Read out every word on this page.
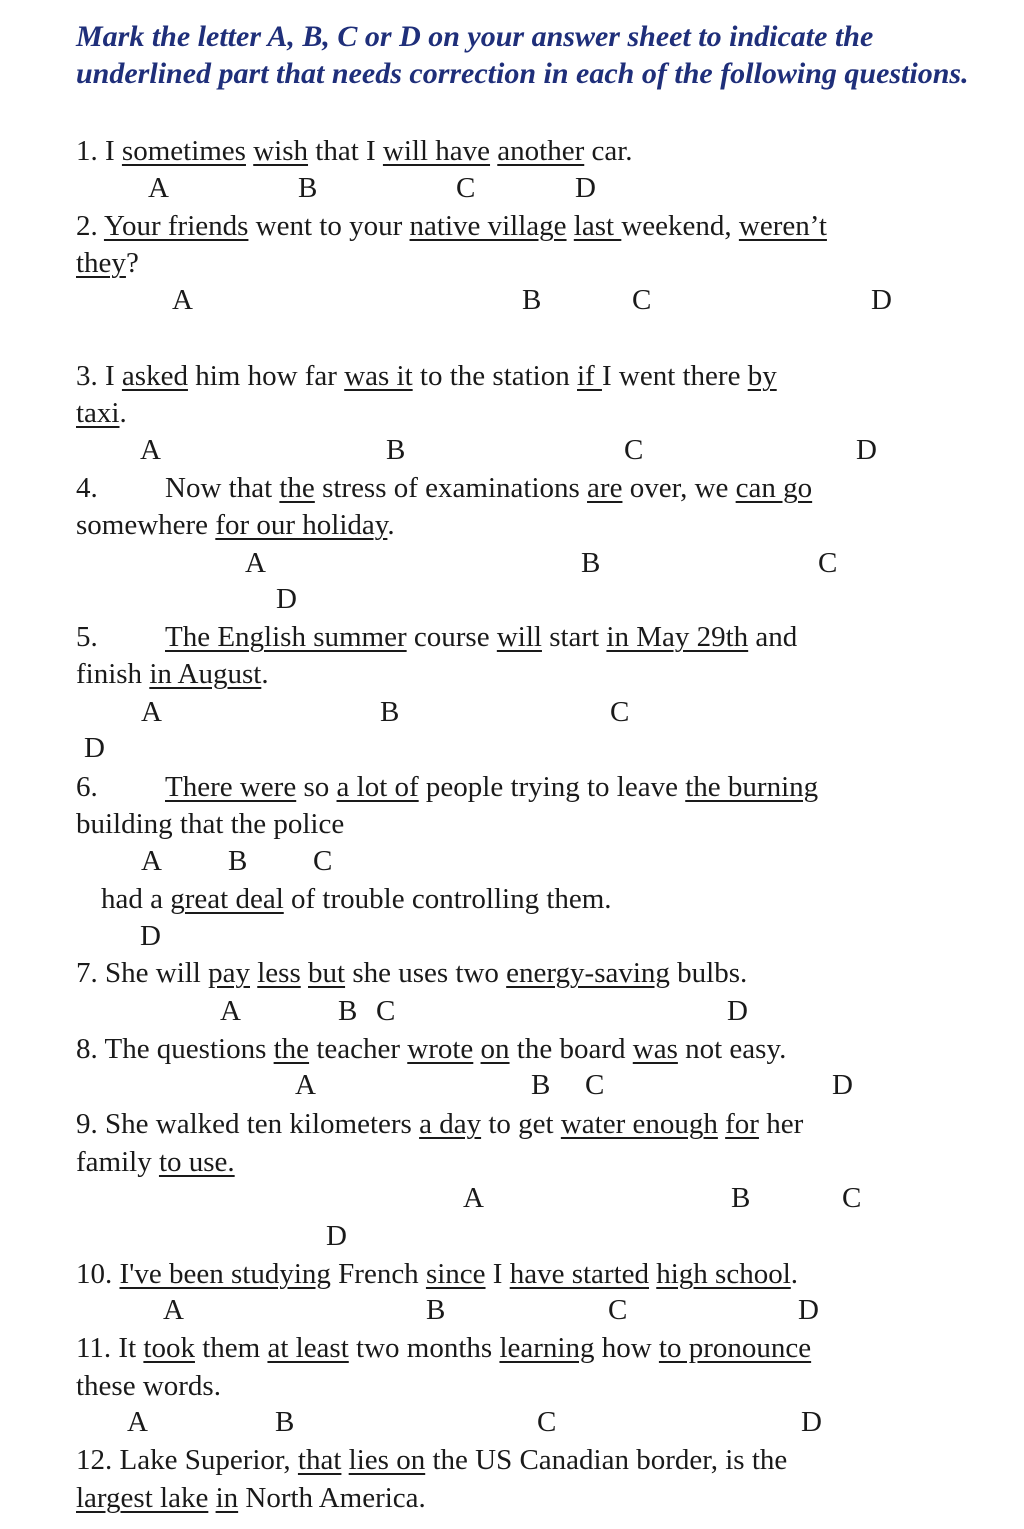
Mark the letter A, B, C or D on your answer sheet to indicate the underlined part that needs correction in each of the following questions.
1. I sometimes wish that I will have another car.
A	B	C	D
2. Your friends went to your native village last weekend, weren’t
they?
A	B	C	D
3. I asked him how far was it to the station if I went there by
taxi.
A	B	C	D
4. Now that the stress of examinations are over, we can go
somewhere for our holiday.
A	B	C
D
5. The English summer course will start in May 29th and
finish in August.
A	B	C
D
6. There were so a lot of people trying to leave the burning
building that the police
A B C
had a great deal of trouble controlling them.
D
7. She will pay less but she uses two energy-saving bulbs.
A	B C	D
8. The questions the teacher wrote on the board was not easy.
A	B C	D
9. She walked ten kilometers a day to get water enough for her
family to use.
A	B	C
D
10. I've been studying French since I have started high school.
A	B	C	D
11. It took them at least two months learning how to pronounce
these words.
A	B	C	D
12. Lake Superior, that lies on the US Canadian border, is the
largest lake in North America.
